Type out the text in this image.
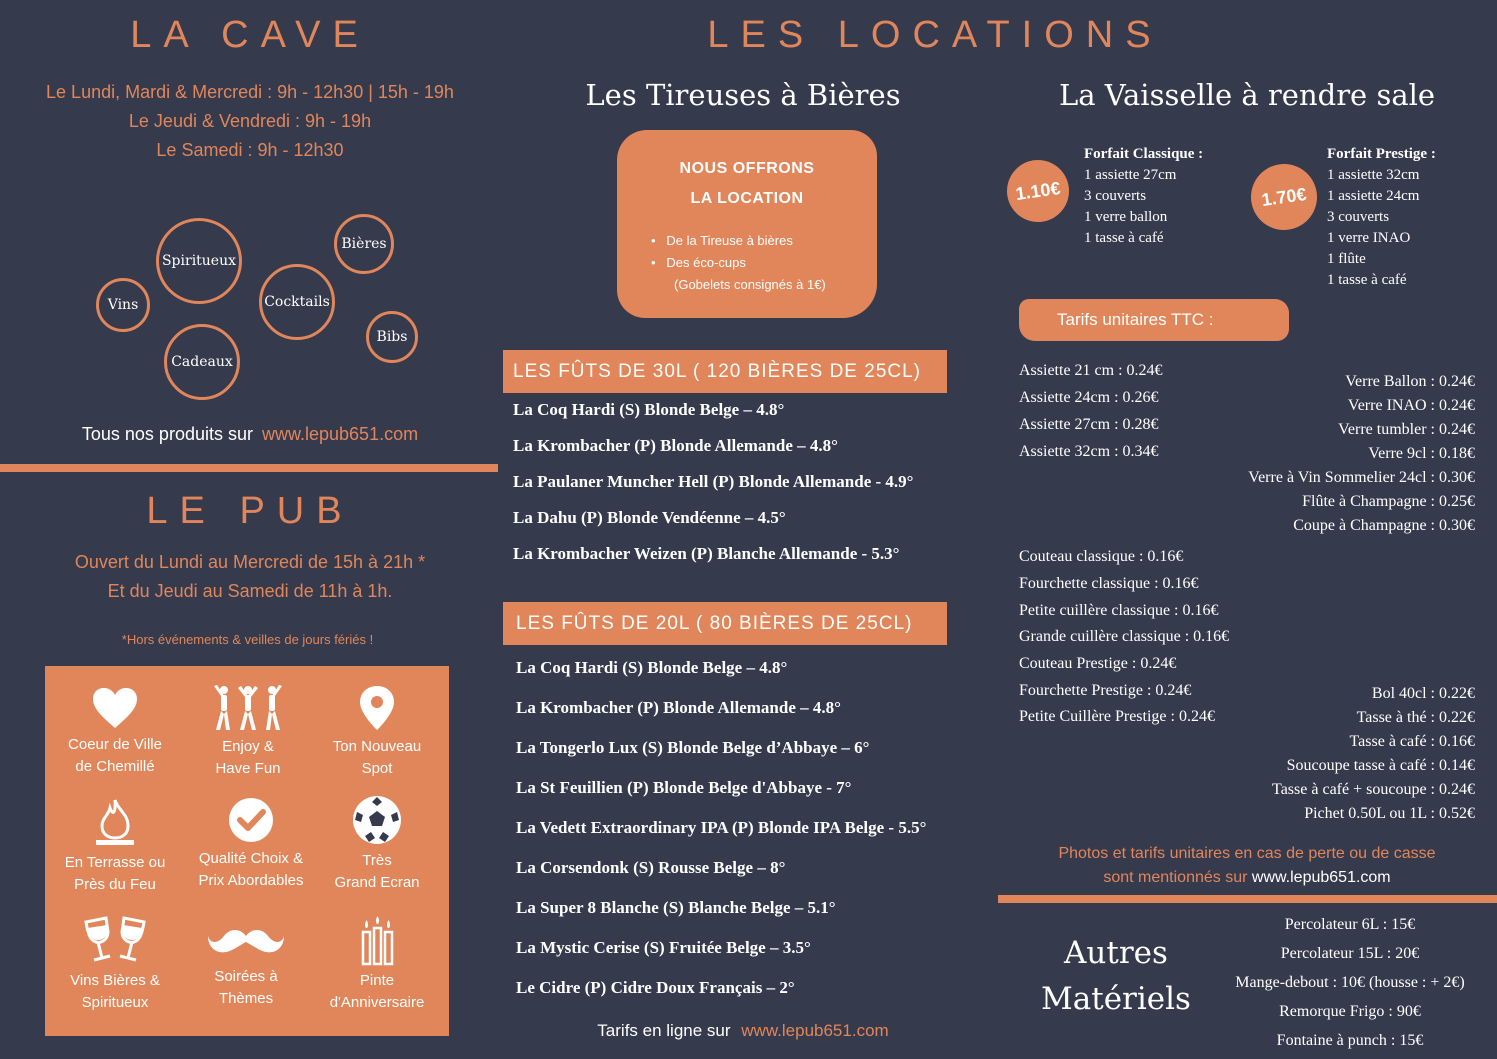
LA CAVE
Le Lundi, Mardi & Mercredi : 9h - 12h30 | 15h - 19h
Le Jeudi & Vendredi : 9h - 19h
Le Samedi : 9h - 12h30
Spiritueux
Bières
Vins	Cocktails
Bibs
Cadeaux
Tous nos produits sur www.lepub651.com
LE PUB
Ouvert du Lundi au Mercredi de 15h à 21h *
Et du Jeudi au Samedi de 11h à 1h.
*Hors événements & veilles de jours fériés !
Coeur de Ville
de Chemillé
Enjoy &
Have Fun
Ton Nouveau
Spot
En Terrasse ou
Près du Feu
Qualité Choix &
Prix Abordables
Très
Grand Ecran
Vins Bières &
Spiritueux
Soirées à
Thèmes
Pinte
d'Anniversaire
LES LOCATIONS
Les Tireuses à Bières
NOUS OFFRONS
LA LOCATION
•   De la Tireuse à bières
•   Des éco-cups
(Gobelets consignés à 1€)
LES FÛTS DE 30L ( 120 BIÈRES DE 25CL)
La Coq Hardi (S) Blonde Belge – 4.8°
La Krombacher (P) Blonde Allemande – 4.8°
La Paulaner Muncher Hell (P) Blonde Allemande - 4.9°
La Dahu (P) Blonde Vendéenne – 4.5°
La Krombacher Weizen (P) Blanche Allemande - 5.3°
LES FÛTS DE 20L ( 80 BIÈRES DE 25CL)
La Coq Hardi (S) Blonde Belge – 4.8°
La Krombacher (P) Blonde Allemande – 4.8°
La Tongerlo Lux (S) Blonde Belge d’Abbaye – 6°
La St Feuillien (P) Blonde Belge d'Abbaye - 7°
La Vedett Extraordinary IPA (P) Blonde IPA Belge - 5.5°
La Corsendonk (S) Rousse Belge – 8°
La Super 8 Blanche (S) Blanche Belge – 5.1°
La Mystic Cerise (S) Fruitée Belge – 3.5°
Le Cidre (P) Cidre Doux Français – 2°
Tarifs en ligne sur www.lepub651.com
La Vaisselle à rendre sale
1.10€
Forfait Classique :
1 assiette 27cm
3 couverts
1 verre ballon
1 tasse à café
1.70€
Forfait Prestige :
1 assiette 32cm
1 assiette 24cm
3 couverts
1 verre INAO
1 flûte
1 tasse à café
Tarifs unitaires TTC :
Assiette 21 cm : 0.24€
Assiette 24cm : 0.26€
Assiette 27cm : 0.28€
Assiette 32cm : 0.34€
Verre Ballon : 0.24€
Verre INAO : 0.24€
Verre tumbler : 0.24€
Verre 9cl : 0.18€
Verre à Vin Sommelier 24cl : 0.30€
Flûte à Champagne : 0.25€
Coupe à Champagne : 0.30€
Couteau classique : 0.16€
Fourchette classique : 0.16€
Petite cuillère classique : 0.16€
Grande cuillère classique : 0.16€
Couteau Prestige : 0.24€
Fourchette Prestige : 0.24€
Petite Cuillère Prestige : 0.24€
Bol 40cl : 0.22€
Tasse à thé : 0.22€
Tasse à café : 0.16€
Soucoupe tasse à café : 0.14€
Tasse à café + soucoupe : 0.24€
Pichet 0.50L ou 1L : 0.52€
Photos et tarifs unitaires en cas de perte ou de casse
sont mentionnés sur www.lepub651.com
Autres
Matériels
Percolateur 6L : 15€
Percolateur 15L : 20€
Mange-debout : 10€ (housse : + 2€)
Remorque Frigo : 90€
Fontaine à punch : 15€
